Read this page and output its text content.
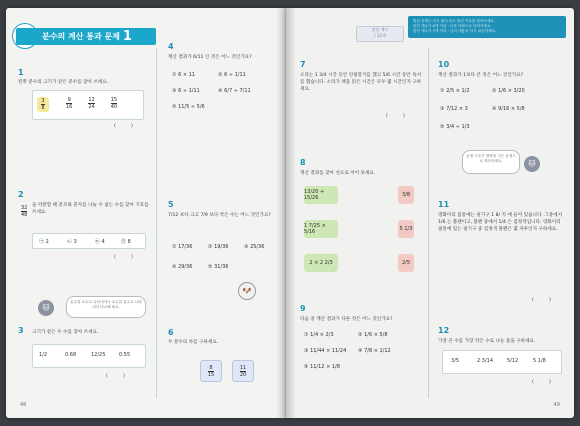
분수의 계산 통과 문제 1
1
왼쪽 분수의 크기가 같은 분수를 찾아 쓰세요.
$\frac{3}{8}$	$\frac{9}{16}$	$\frac{12}{24}$	$\frac{15}{40}$
(　　　)
2
$\frac{32}{48}$ 을 약분할 때 분모와 분자를 나눌 수 없는 수를 찾아 기호를 쓰세요.
㉠ 2	㉡ 3	㉢ 4	㉣ 8
(　　　)
분수를 소수로 나타내거나 소수를 분수로 나타내서 비교해 봐요.
🐱
3 크기가 같은 두 수를 찾아 쓰세요.
1/2	0.68	12/25	0.55
(　　　)
4
계산 결과가 6/11 인 것은 어느 것인가요?
① 6 × 11	② 6 ÷ 1/11
③ 6 ÷ 1/11	④ 6/7 ÷ 7/11
⑤ 11/5 ÷ 5/6
5
7/12 보다 크고 7/9 보다 작은 수는 어느 것인가요?
① 17/36	② 19/36	③ 25/36
④ 29/36	⑤ 31/36
🐶
6
두 분수의 차를 구하세요.
$\frac{8}{15}$	$\frac{11}{20}$
48
맞힌 개수
/ 12개
틀린 문제는 다시 풀어 보고 틀린 이유를 알아보세요.
맞힌 개수가 8개 이상 : 다음 단원으로 넘어가세요.
맞힌 개수가 7개 이하 : 앞의 내용을 다시 복습하세요.
7
소라는 1 3/4 시간 동안 연필깎기를 했고 5/6 시간 동안 독서를 했습니다. 소라가 책을 읽은 시간은 모두 몇 시간인지 구하세요.
(　　　)
8
계산 결과를 찾아 선으로 이어 보세요.
13/20 + 15/26
1 7/25 × 5/16
2 × 2 2/3
3/8
5 1/3
2/5
9
다음 중 계산 결과가 다른 것은 어느 것인가요?
① 1/4 × 2/3	② 1/6 × 5/8
③ 11/44 × 11/24 ④ 7/8 × 1/12
⑤ 11/12 × 1/8
10
계산 결과가 1보다 큰 것은 어느 것인가요?
① 2/5 × 1/2	② 1/6 × 3/20
③ 7/12 × 3	④ 9/16 × 5/8
⑤ 3/4 ÷ 1/3
곱셈 기호가 생략된 식은 곱셈으로 계산하세요.	🐱
11
영화이의 몸통에는 필기구 1 8/ 지 에 들어 있습니다. 그중에서 1/6 는 볼펜이고, 볼펜 중에서 1/4 은 검정색입니다. 영화이의 필통에 있는 필기구 중 검정색 볼펜은 몇 자루인지 구하세요.
(　　　)
12
가장 큰 수를 가장 작은 수로 나눈 몫을 구하세요.
3/5	2 3/14	5/12	5 1/8
(　　　)
49
